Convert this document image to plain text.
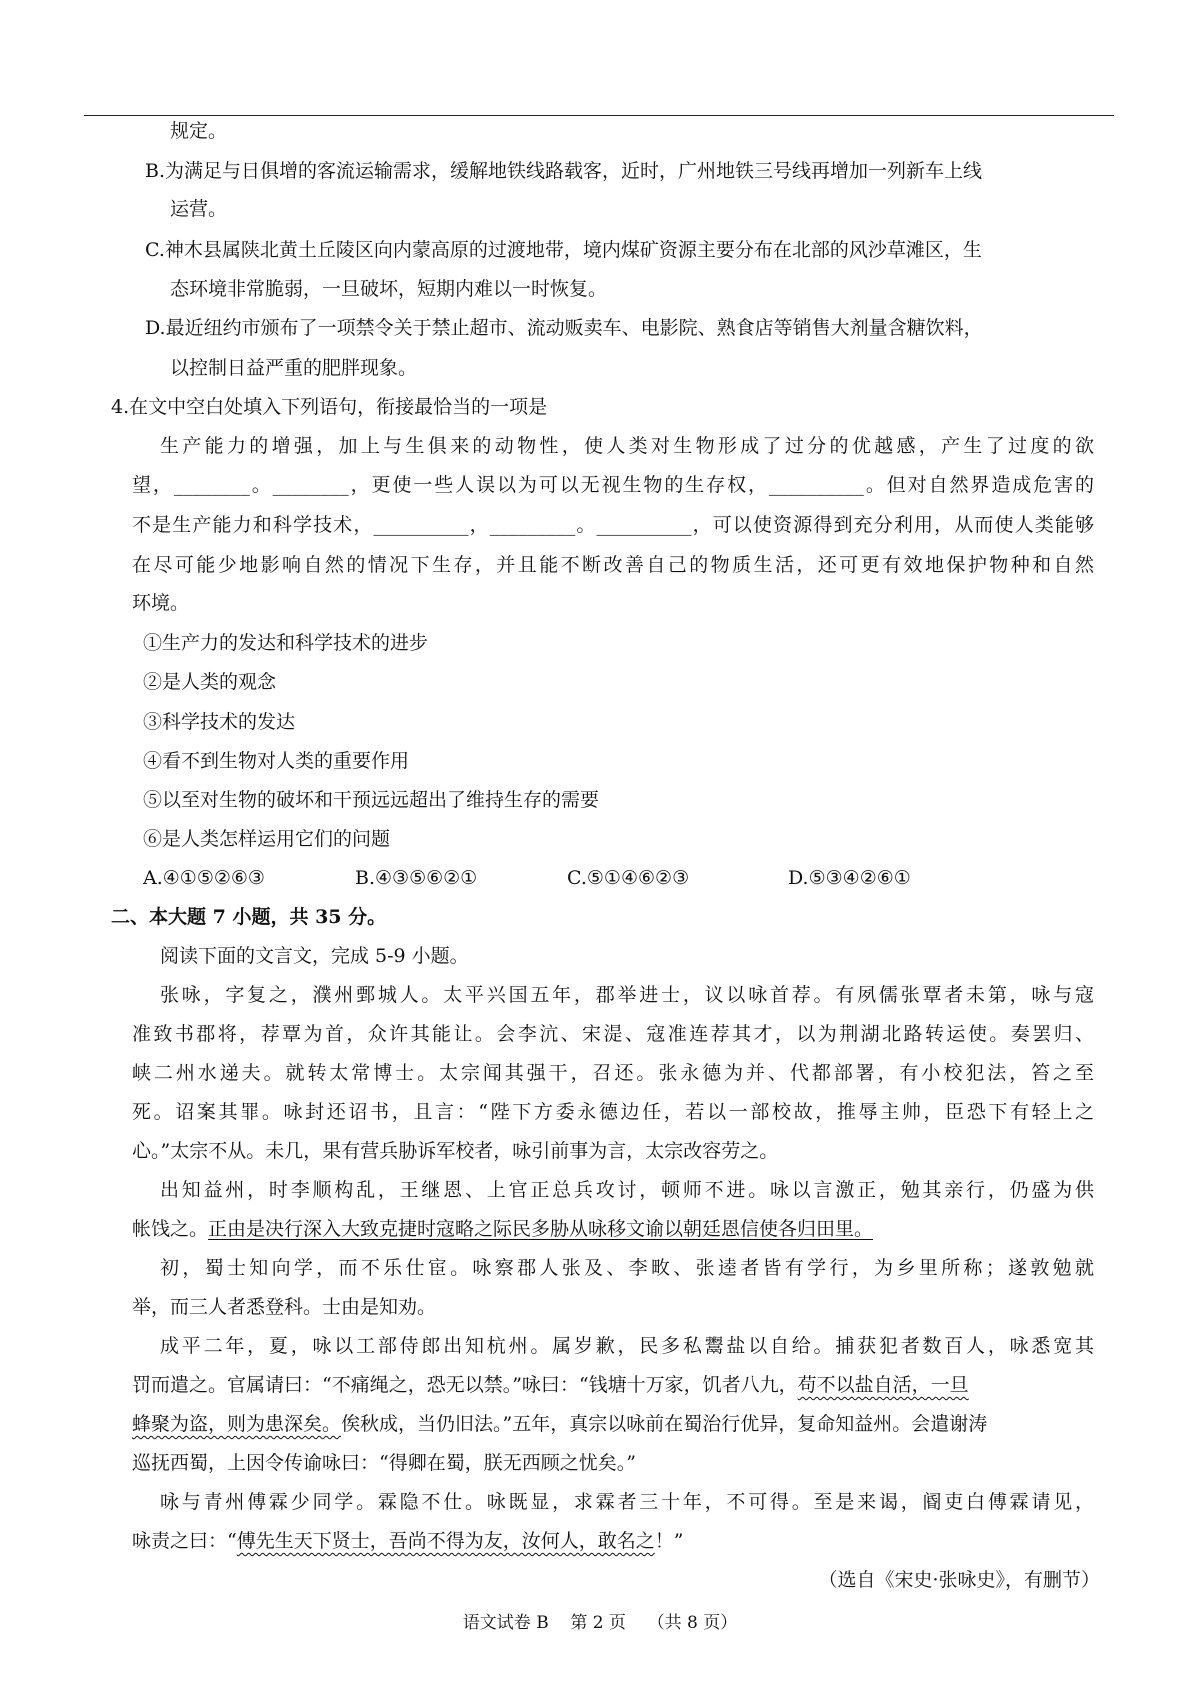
规定。
B.为满足与日俱增的客流运输需求，缓解地铁线路载客，近时，广州地铁三号线再增加一列新车上线
运营。
C.神木县属陕北黄土丘陵区向内蒙高原的过渡地带，境内煤矿资源主要分布在北部的风沙草滩区，生
态环境非常脆弱，一旦破坏，短期内难以一时恢复。
D.最近纽约市颁布了一项禁令关于禁止超市、流动贩卖车、电影院、熟食店等销售大剂量含糖饮料，
以控制日益严重的肥胖现象。
4.在文中空白处填入下列语句，衔接最恰当的一项是
生产能力的增强，加上与生俱来的动物性，使人类对生物形成了过分的优越感，产生了过度的欲
望，________。________，更使一些人误以为可以无视生物的生存权，__________。但对自然界造成危害的
不是生产能力和科学技术，__________，_________。__________，可以使资源得到充分利用，从而使人类能够
在尽可能少地影响自然的情况下生存，并且能不断改善自己的物质生活，还可更有效地保护物种和自然
环境。
①生产力的发达和科学技术的进步
②是人类的观念
③科学技术的发达
④看不到生物对人类的重要作用
⑤以至对生物的破坏和干预远远超出了维持生存的需要
⑥是人类怎样运用它们的问题
A.④①⑤②⑥③	B.④③⑤⑥②①	C.⑤①④⑥②③	D.⑤③④②⑥①
二、本大题 7 小题，共 35 分。
阅读下面的文言文，完成 5-9 小题。
张咏，字复之，濮州鄄城人。太平兴国五年，郡举进士，议以咏首荐。有夙儒张覃者未第，咏与寇
准致书郡将，荐覃为首，众许其能让。会李沆、宋湜、寇准连荐其才，以为荆湖北路转运使。奏罢归、
峡二州水递夫。就转太常博士。太宗闻其强干，召还。张永德为并、代都部署，有小校犯法，笞之至
死。诏案其罪。咏封还诏书，且言：“陛下方委永德边任，若以一部校故，推辱主帅，臣恐下有轻上之
心。”太宗不从。未几，果有营兵胁诉军校者，咏引前事为言，太宗改容劳之。
出知益州，时李顺构乱，王继恩、上官正总兵攻讨，顿师不进。咏以言激正，勉其亲行，仍盛为供
帐饯之。正由是决行深入大致克捷时寇略之际民多胁从咏移文谕以朝廷恩信使各归田里。
初，蜀士知向学，而不乐仕宦。咏察郡人张及、李畋、张逵者皆有学行，为乡里所称；遂敦勉就
举，而三人者悉登科。士由是知劝。
成平二年，夏，咏以工部侍郎出知杭州。属岁歉，民多私鬻盐以自给。捕获犯者数百人，咏悉宽其
罚而遣之。官属请曰：“不痛绳之，恐无以禁。”咏曰：“钱塘十万家，饥者八九，苟不以盐自活，一旦
蜂聚为盗，则为患深矣。俟秋成，当仍旧法。”五年，真宗以咏前在蜀治行优异，复命知益州。会遣谢涛
巡抚西蜀，上因令传谕咏曰：“得卿在蜀，朕无西顾之忧矣。”
咏与青州傅霖少同学。霖隐不仕。咏既显，求霖者三十年，不可得。至是来谒，阍吏白傅霖请见，
咏责之曰：“傅先生天下贤士，吾尚不得为友，汝何人，敢名之！”
（选自《宋史·张咏史》，有删节）
语文试卷 B 第 2 页 （共 8 页）
